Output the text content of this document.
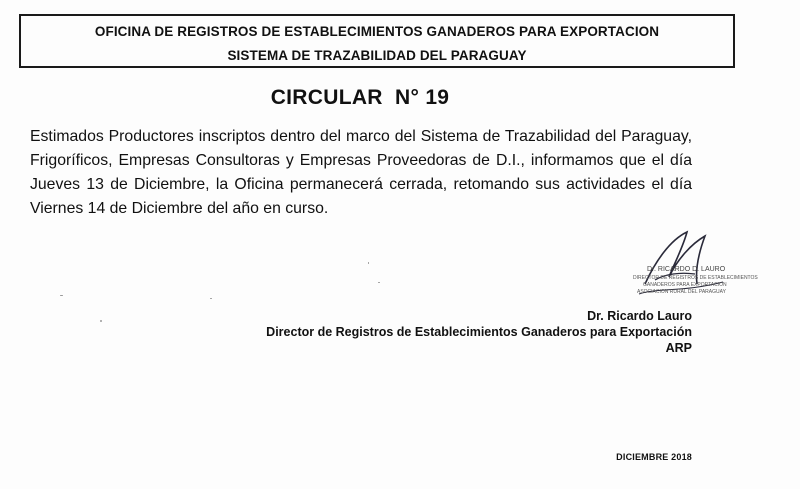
OFICINA DE REGISTROS DE ESTABLECIMIENTOS GANADEROS PARA EXPORTACION
SISTEMA DE TRAZABILIDAD DEL PARAGUAY
CIRCULAR  N° 19

Estimados Productores inscriptos dentro del marco del Sistema de Trazabilidad del Paraguay, Frigoríficos, Empresas Consultoras y Empresas Proveedoras de D.I., informamos que el día Jueves 13 de Diciembre, la Oficina permanecerá cerrada, retomando sus actividades el día Viernes 14 de Diciembre del año en curso.

Dr. RICARDO D. LAURO
DIRECTOR DE REGISTROS DE ESTABLECIMIENTOS
GANADEROS PARA EXPORTACION
ASOCIACION RURAL DEL PARAGUAY
Dr. Ricardo Lauro
Director de Registros de Establecimientos Ganaderos para Exportación
ARP
DICIEMBRE 2018
